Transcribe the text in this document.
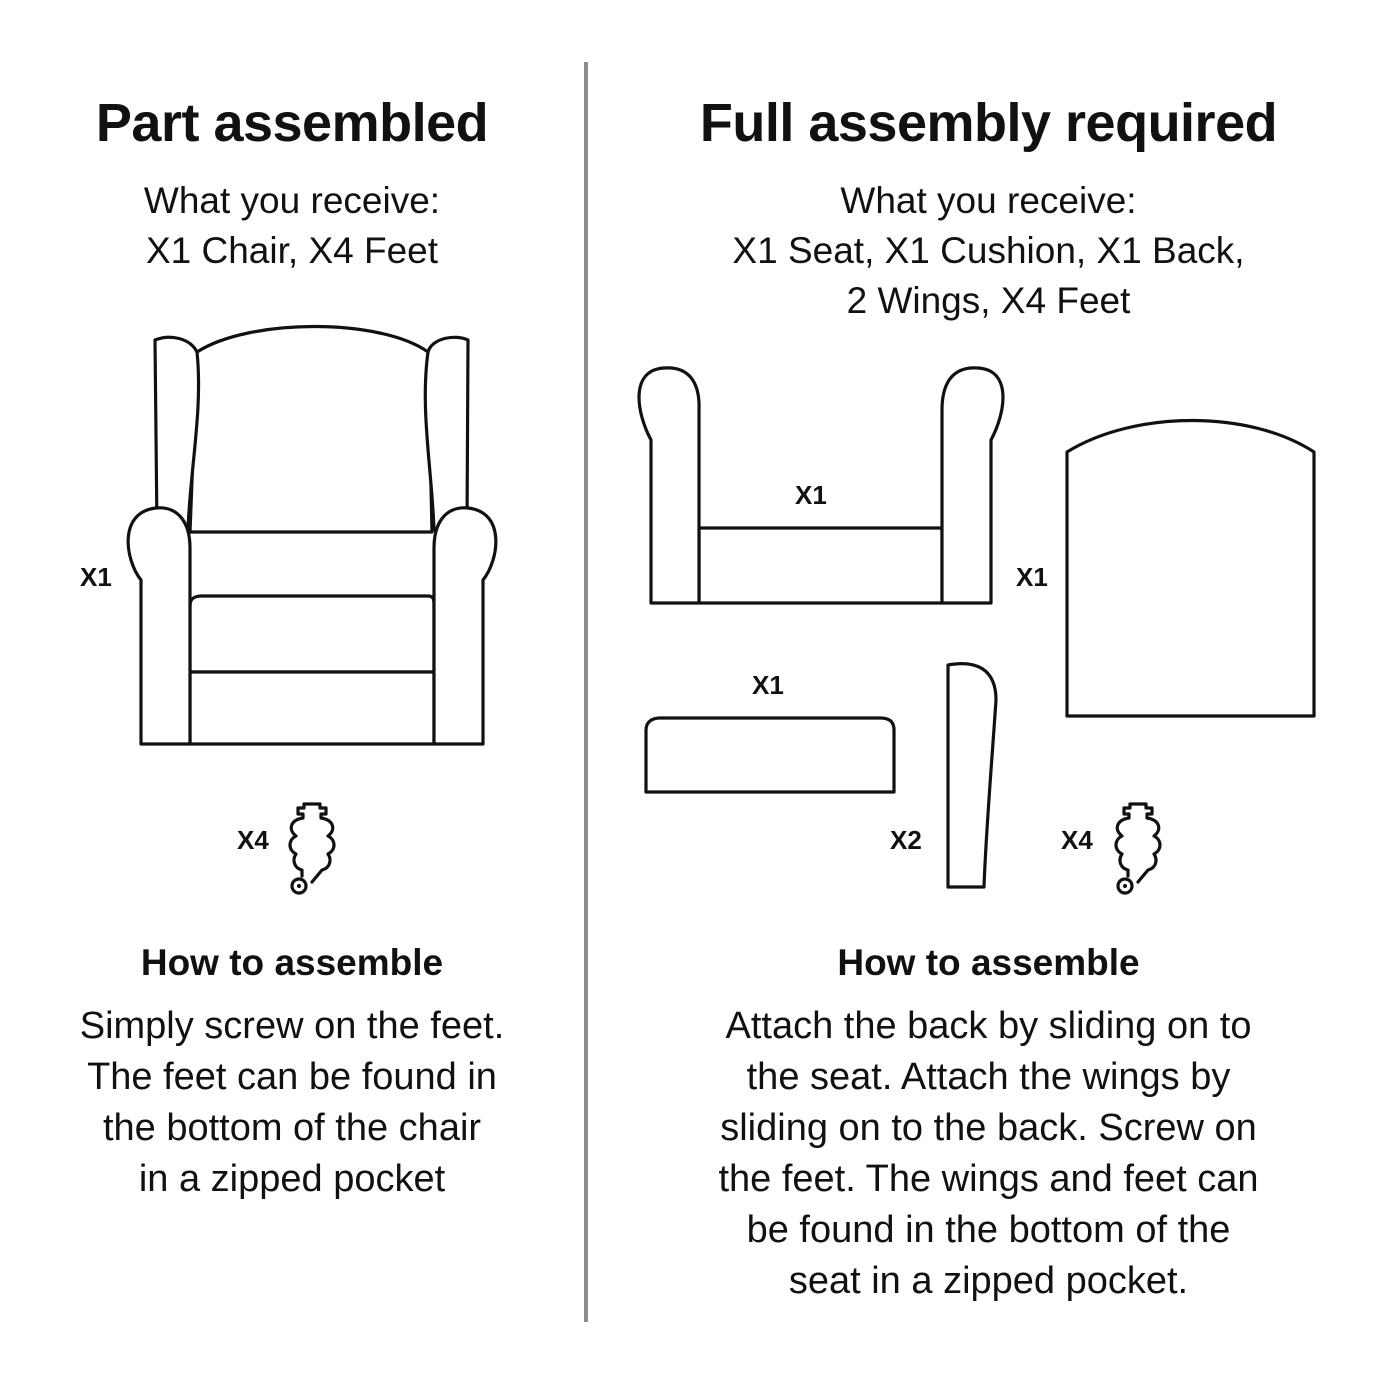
Part assembled
What you receive:
X1 Chair, X4 Feet
How to assemble
Simply screw on the feet.
The feet can be found in
the bottom of the chair
in a zipped pocket
Full assembly required
What you receive:
X1 Seat, X1 Cushion, X1 Back,
2 Wings, X4 Feet
How to assemble
Attach the back by sliding on to
the seat. Attach the wings by
sliding on to the back. Screw on
the feet. The wings and feet can
be found in the bottom of the
seat in a zipped pocket.
X1
X4
X1
X1
X1
X2	X4
